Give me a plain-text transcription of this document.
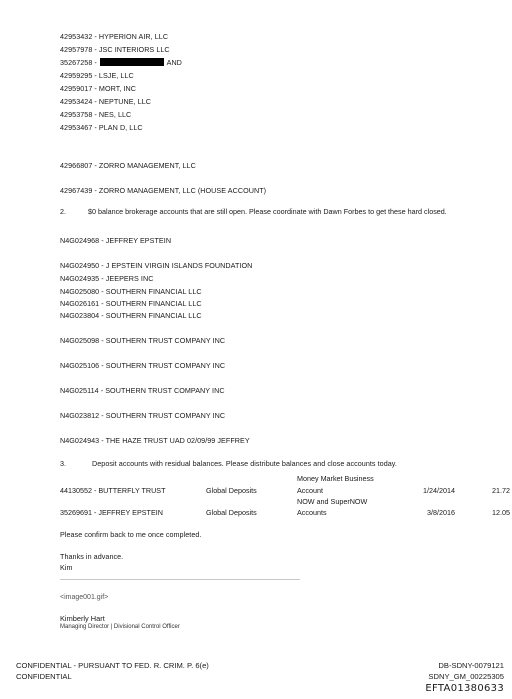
42953432 - HYPERION AIR, LLC
42957978 - JSC INTERIORS LLC
35267258 -	AND
42959295 - LSJE, LLC
42959017 - MORT, INC
42953424 - NEPTUNE, LLC
42953758 - NES, LLC
42953467 - PLAN D, LLC
42966807 - ZORRO MANAGEMENT, LLC
42967439 - ZORRO MANAGEMENT, LLC (HOUSE ACCOUNT)
2.	$0 balance brokerage accounts that are still open. Please coordinate with Dawn Forbes to get these hard closed.
N4G024968 - JEFFREY EPSTEIN
N4G024950 - J EPSTEIN VIRGIN ISLANDS FOUNDATION
N4G024935 - JEEPERS INC
N4G025080 - SOUTHERN FINANCIAL LLC
N4G026161 - SOUTHERN FINANCIAL LLC
N4G023804 - SOUTHERN FINANCIAL LLC
N4G025098 - SOUTHERN TRUST COMPANY INC
N4G025106 - SOUTHERN TRUST COMPANY INC
N4G025114 - SOUTHERN TRUST COMPANY INC
N4G023812 - SOUTHERN TRUST COMPANY INC
N4G024943 - THE HAZE TRUST UAD 02/09/99 JEFFREY
3.	Deposit accounts with residual balances. Please distribute balances and close accounts today.
Money Market Business
44130552 - BUTTERFLY TRUST	Global Deposits	Account	1/24/2014	21.72
NOW and SuperNOW
35269691 - JEFFREY EPSTEIN	Global Deposits	Accounts	3/8/2016	12.05
Please confirm back to me once completed.
Thanks in advance.
Kim
<image001.gif>
Kimberly Hart
Managing Director | Divisional Control Officer
CONFIDENTIAL - PURSUANT TO FED. R. CRIM. P. 6(e)
CONFIDENTIAL
DB-SDNY-0079121
SDNY_GM_00225305
EFTA01380633
